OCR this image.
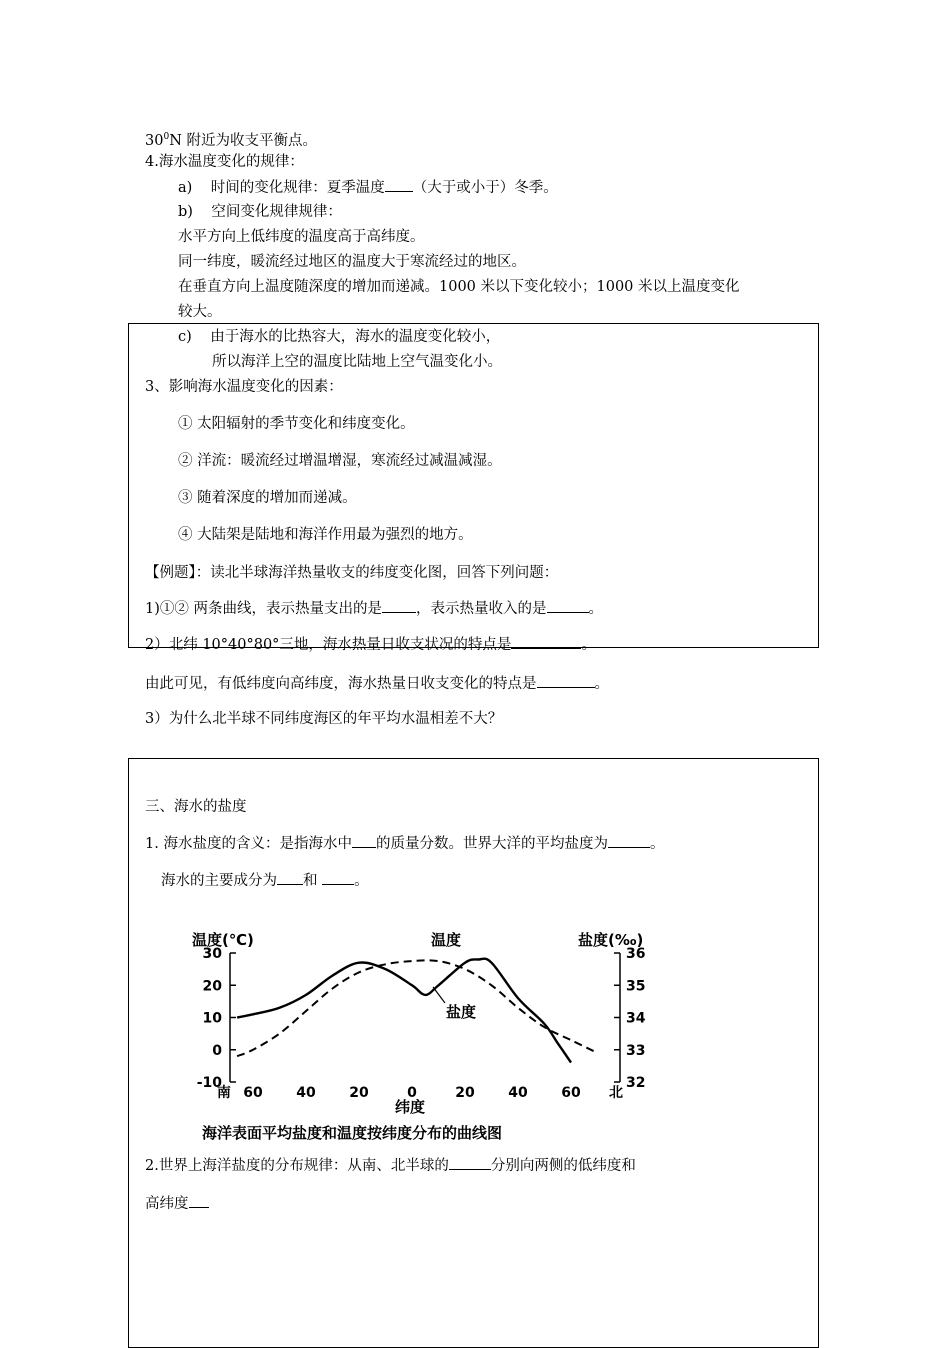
$30^0N$ 附近为收支平衡点。
4.海水温度变化的规律：
a) 时间的变化规律：夏季温度 （大于或小于）冬季。
b) 空间变化规律规律：
水平方向上低纬度的温度高于高纬度。
同一纬度，暖流经过地区的温度大于寒流经过的地区。
在垂直方向上温度随深度的增加而递减。1000 米以下变化较小；1000 米以上温度变化
较大。
c) 由于海水的比热容大，海水的温度变化较小，
所以海洋上空的温度比陆地上空气温变化小。
3、影响海水温度变化的因素：
① 太阳辐射的季节变化和纬度变化。
② 洋流：暖流经过增温增湿，寒流经过减温减湿。
③ 随着深度的增加而递减。
④ 大陆架是陆地和海洋作用最为强烈的地方。
【例题】：读北半球海洋热量收支的纬度变化图，回答下列问题：
1)①② 两条曲线，表示热量支出的是 ，表示热量收入的是	。
2）北纬 10°40°80°三地，海水热量日收支状况的特点是	。
由此可见，有低纬度向高纬度，海水热量日收支变化的特点是	。
3）为什么北半球不同纬度海区的年平均水温相差不大？
三、海水的盐度
1. 海水盐度的含义：是指海水中 的质量分数。世界大洋的平均盐度为	。
海水的主要成分为 和	。
温度(℃)	盐度(‰)
纬度
海洋表面平均盐度和温度按纬度分布的曲线图
温度
盐度
30
20
10
0
-10
36
35
34
33
32
南 60 40 20	0	20 40 60 北
2.世界上海洋盐度的分布规律：从南、北半球的	分别向两侧的低纬度和
高纬度
